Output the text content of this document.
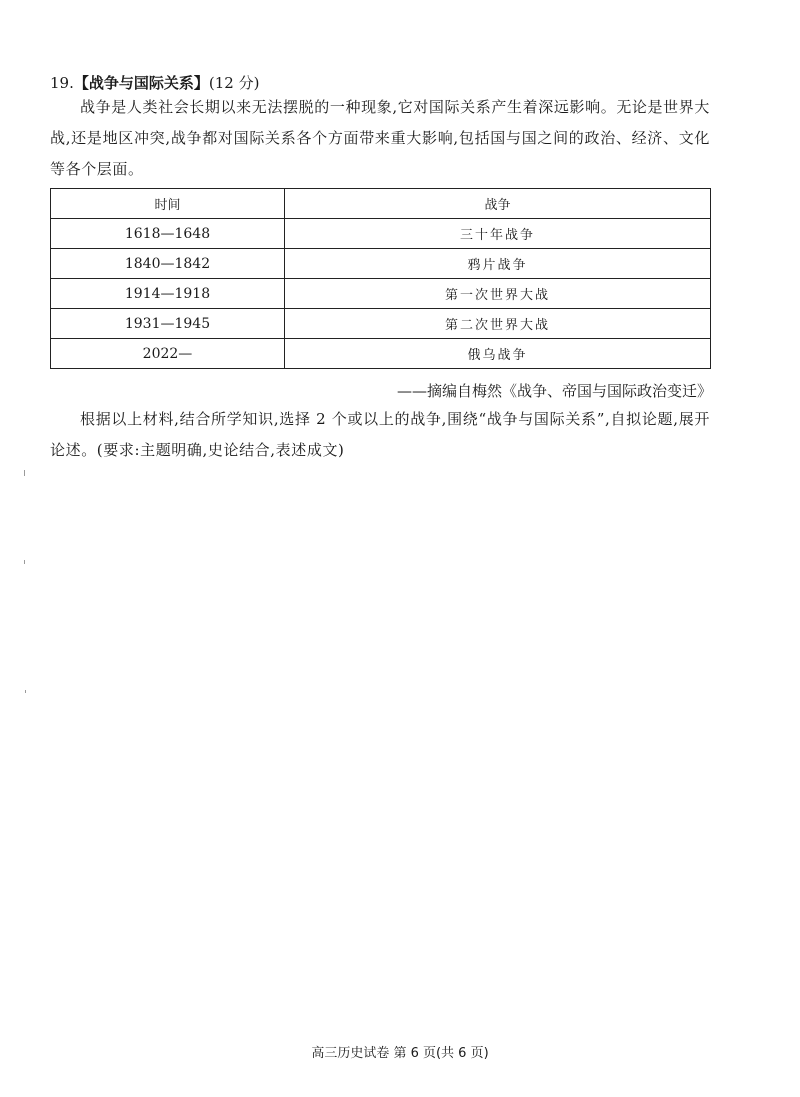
19.【战争与国际关系】(12 分)
战争是人类社会长期以来无法摆脱的一种现象,它对国际关系产生着深远影响。无论是世界大战,还是地区冲突,战争都对国际关系各个方面带来重大影响,包括国与国之间的政治、经济、文化等各个层面。
时间	战争
1618—1648	三十年战争
1840—1842	鸦片战争
1914—1918	第一次世界大战
1931—1945	第二次世界大战
2022—	俄乌战争
——摘编自梅然《战争、帝国与国际政治变迁》
根据以上材料,结合所学知识,选择 2 个或以上的战争,围绕“战争与国际关系”,自拟论题,展开论述。(要求:主题明确,史论结合,表述成文)
高三历史试卷 第 6 页(共 6 页)
